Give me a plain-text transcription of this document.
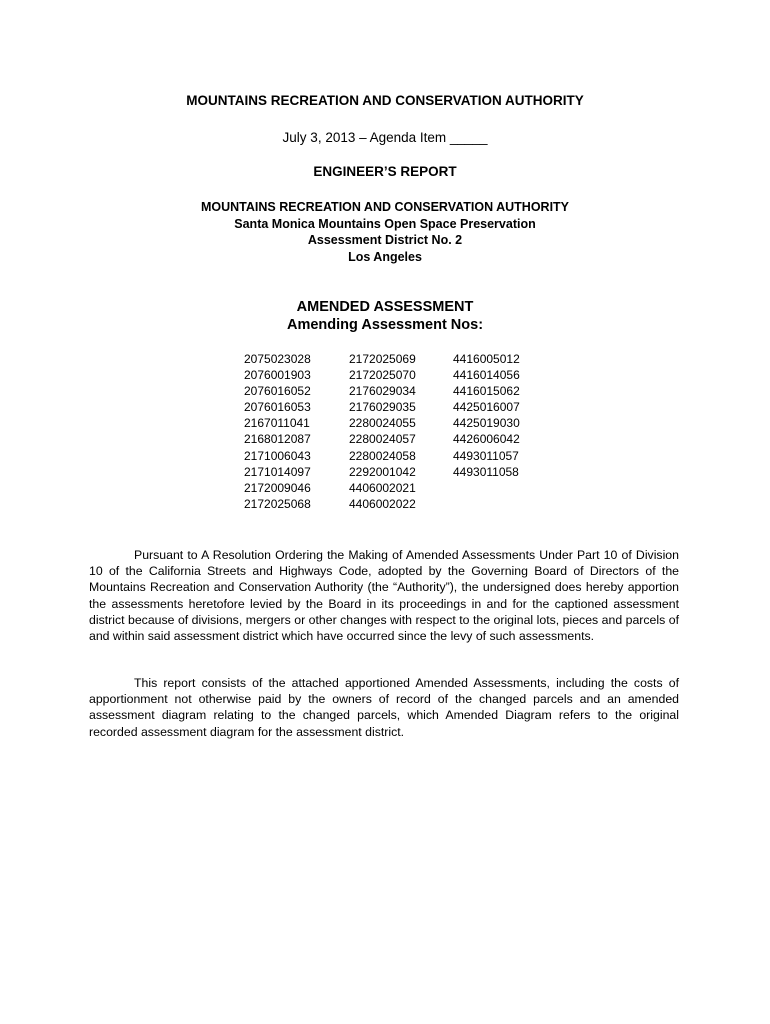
MOUNTAINS RECREATION AND CONSERVATION AUTHORITY
July 3, 2013 – Agenda Item _____
ENGINEER’S REPORT
MOUNTAINS RECREATION AND CONSERVATION AUTHORITY
Santa Monica Mountains Open Space Preservation
Assessment District No. 2
Los Angeles
AMENDED ASSESSMENT
Amending Assessment Nos:
2075023028
2076001903
2076016052
2076016053
2167011041
2168012087
2171006043
2171014097
2172009046
2172025068
2172025069
2172025070
2176029034
2176029035
2280024055
2280024057
2280024058
2292001042
4406002021
4406002022
4416005012
4416014056
4416015062
4425016007
4425019030
4426006042
4493011057
4493011058

Pursuant to A Resolution Ordering the Making of Amended Assessments Under Part 10 of Division 10 of the California Streets and Highways Code, adopted by the Governing Board of Directors of the Mountains Recreation and Conservation Authority (the “Authority”), the undersigned does hereby apportion the assessments heretofore levied by the Board in its proceedings in and for the captioned assessment district because of divisions, mergers or other changes with respect to the original lots, pieces and parcels of and within said assessment district which have occurred since the levy of such assessments.

This report consists of the attached apportioned Amended Assessments, including the costs of apportionment not otherwise paid by the owners of record of the changed parcels and an amended assessment diagram relating to the changed parcels, which Amended Diagram refers to the original recorded assessment diagram for the assessment district.
